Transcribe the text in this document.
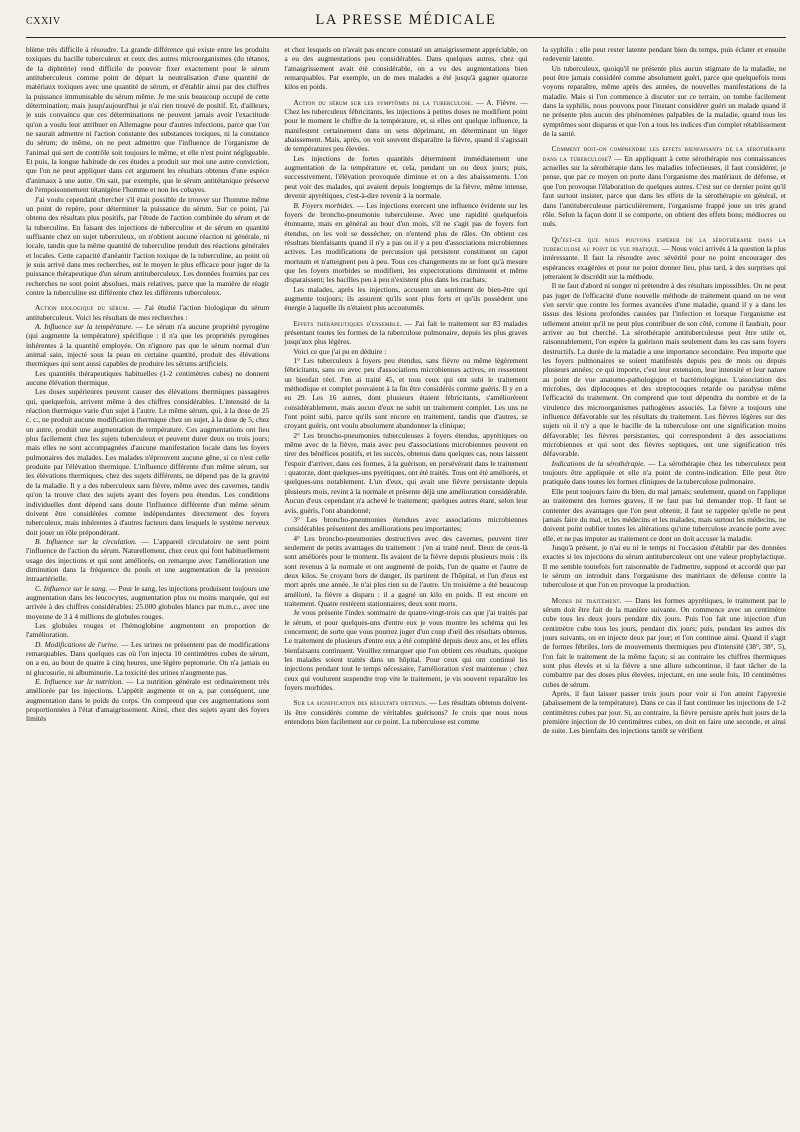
CXXIV	LA PRESSE MÉDICALE

blème très difficile à résoudre. La grande différence qui existe entre les produits toxiques du bacille tuberculeux et ceux des autres microorganismes (du tétanos, de la diphtérie) rend difficile de pouvoir fixer exactement pour le sérum antituberculeux comme point de départ la neutralisation d'une quantité de matériaux toxiques avec une quantité de sérum, et d'établir ainsi par des chiffres la puissance immunisable du sérum même. Je me suis beaucoup occupé de cette détermination; mais jusqu'aujourd'hui je n'ai rien trouvé de positif. Et, d'ailleurs, je suis convaincu que ces déterminations ne peuvent jamais avoir l'exactitude qu'on a voulu leur attribuer en Allemagne pour d'autres infections, parce que l'on ne saurait admettre ni l'action constante des substances toxiques, ni la constance du sérum; de même, on ne peut admettre que l'influence de l'organisme de l'animal qui sert de contrôle soit toujours le même, et elle n'est point négligeable. Et puis, la longue habitude de ces études a produit sur moi une autre conviction, que l'on ne peut appliquer dans cet argument les résultats obtenus d'une espèce d'animaux à une autre. On sait, par exemple, que le sérum antitétanique préserve de l'empoisonnement tétanigène l'homme et non les cobayes.

J'ai voulu cependant chercher s'il était possible de trouver sur l'homme même un point de repère, pour déterminer la puissance du sérum. Sur ce point, j'ai obtenu des résultats plus positifs, par l'étude de l'action combinée du sérum et de la tuberculine. En faisant des injections de tuberculine et de sérum en quantité suffisante chez un sujet tuberculeux, on n'obtient aucune réaction ni générale, ni locale, tandis que la même quantité de tuberculine produit des réactions générales et locales. Cette capacité d'anéantir l'action toxique de la tuberculine, au point où je suis arrivé dans mes recherches, est le moyen le plus efficace pour juger de la puissance thérapeutique d'un sérum antituberculeux. Les données fournies par ces recherches ne sont point absolues, mais relatives, parce que la manière de réagir contre la tuberculine est différente chez les différents tuberculeux.

Action biologique du sérum. — J'ai étudié l'action biologique du sérum antituberculeux. Voici les résultats de mes recherches :

A. Influence sur la température. — Le sérum n'a aucune propriété pyrogène (qui augmente la température) spécifique : il n'a que les propriétés pyrogènes inhérentes à la quantité employée. On n'ignore pas que le sérum normal d'un animal sain, injecté sous la peau en certaine quantité, produit des élévations thermiques qui sont aussi capables de produire les sérums artificiels.

Les quantités thérapeutiques habituelles (1-2 centimètres cubes) ne donnent aucune élévation thermique.

Les doses supérieures peuvent causer des élévations thermiques passagères qui, quelquefois, arrivent même à des chiffres considérables. L'intensité de la réaction thermique varie d'un sujet à l'autre. Le même sérum, qui, à la dose de 25 c. c., ne produit aucune modification thermique chez un sujet, à la dose de 5, chez un autre, produit une augmentation de température. Ces augmentations ont lieu plus facilement chez les sujets tuberculeux et peuvent durer deux ou trois jours; mais elles ne sont accompagnées d'aucune manifestation locale dans les foyers pulmonaires des malades. Les malades n'éprouvent aucune gêne, si ce n'est celle produite par l'élévation thermique. L'influence différente d'un même sérum, sur les élévations thermiques, chez des sujets différents, ne dépend pas de la gravité de la maladie. Il y a des tuberculeux sans fièvre, même avec des cavernes, tandis qu'on la trouve chez des sujets ayant des foyers peu étendus. Les conditions individuelles dont dépend sans doute l'influence différente d'un même sérum doivent être considérées comme indépendantes directement des foyers tuberculeux, mais inhérentes à d'autres facteurs dans lesquels le système nerveux doit jouer un rôle prépondérant.

B. Influence sur la circulation. — L'appareil circulatoire ne sent point l'influence de l'action du sérum. Naturellement, chez ceux qui font habituellement usage des injections et qui sont améliorés, on remarque avec l'amélioration une diminution dans la fréquence du pouls et une augmentation de la pression intraartérielle.

C. Influence sur le sang. — Pour le sang, les injections produisent toujours une augmentation dans les leucocytes, augmentation plus ou moins marquée, qui est arrivée à des chiffres considérables: 25.000 globules blancs par m.m.c., avec une moyenne de 3 à 4 millions de globules rouges.

Les globules rouges et l'hémoglobine augmentent en proportion de l'amélioration.

D. Modifications de l'urine. — Les urines ne présentent pas de modifications remarquables. Dans quelques cas où l'on injecta 10 centimètres cubes de sérum, on a eu, au bout de quatre à cinq heures, une légère peptonurie. On n'a jamais eu ni glucosurie, ni albuminurie. La toxicité des urines n'augmente pas.

E. Influence sur la nutrition. — La nutrition générale est ordinairement très améliorée par les injections. L'appétit augmente et on a, par conséquent, une augmentation dans le poids du corps. On comprend que ces augmentations sont proportionnées à l'état d'amaigrissement. Ainsi, chez des sujets ayant des foyers limités

et chez lesquels on n'avait pas encore constaté un amaigrissement appréciable, on a eu des augmentations peu considérables. Dans quelques autres, chez qui l'amaigrissement avait été considérable, on a vu des augmentations bien remarquables. Par exemple, un de mes malades a été jusqu'à gagner quatorze kilos en poids.

Action du sérum sur les symptômes de la tuberculose. — A. Fièvre. — Chez les tuberculeux fébricitants, les injections à petites doses ne modifient point pour le moment le chiffre de la température, et, si elles ont quelque influence, la manifestent certainement dans un sens déprimant, en déterminant un léger abaissement. Mais, après, on voit souvent disparaître la fièvre, quand il s'agissait de températures peu élevées.

Les injections de fortes quantités déterminent immédiatement une augmentation de la température et, cela, pendant un ou deux jours; puis, successivement, l'élévation provoquée diminue et on a des abaissements. L'on peut voir des malades, qui avaient depuis longtemps de la fièvre, même intense, devenir apyrétiques, c'est-à-dire revenir à la normale.

B. Foyers morbides. — Les injections exercent une influence évidente sur les foyers de broncho-pneumonie tuberculeuse. Avec une rapidité quelquefois étonnante, mais en général au bout d'un mois, s'il ne s'agit pas de foyers fort étendus, on les voit se dessécher, on n'entend plus de râles. On obtient ces résultats bienfaisants quand il n'y a pas ou il y a peu d'associations microbiennes actives. Les modifications de percussion qui persistent constituent un caput mortuum et n'atteignent peu à peu. Tous ces changements ne se font qu'à mesure que les foyers morbides se modifient, les expectorations diminuent et même disparaissent; les bacilles peu à peu n'existent plus dans les crachats.

Les malades, après les injections, accusent un sentiment de bien-être qui augmente toujours; ils assurent qu'ils sont plus forts et qu'ils possèdent une énergie à laquelle ils n'étaient plus accoutumés.

Effets thérapeutiques d'ensemble. — J'ai fait le traitement sur 83 malades présentant toutes les formes de la tuberculose pulmonaire, depuis les plus graves jusqu'aux plus légères.

Voici ce que j'ai pu en déduire :

1° Les tuberculeux à foyers peu étendus, sans fièvre ou même légèrement fébricitants, sans ou avec peu d'associations microbiennes actives, en ressentent un bienfait réel. J'en ai traité 45, et tous ceux qui ont subi le traitement méthodique et complet pouvaient à la fin être considérés comme guéris. Il y en a eu 29. Les 16 autres, dont plusieurs étaient fébricitants, s'améliorèrent considérablement, mais aucun d'eux ne subit un traitement complet. Les uns ne l'ont point subi, parce qu'ils sont encore en traitement, tandis que d'autres, se croyant guéris, ont voulu absolument abandonner la clinique;

2° Les broncho-pneumonies tuberculeuses à foyers étendus, apyrétiques ou même avec de la fièvre, mais avec peu d'associations microbiennes peuvent en tirer des bénéfices positifs, et les succès, obtenus dans quelques cas, nous laissent l'espoir d'arriver, dans ces formes, à la guérison, en persévérant dans le traitement : quatorze, dont quelques-uns pyrétiques, ont été traités. Tous ont été améliorés, et quelques-uns notablement. L'un d'eux, qui avait une fièvre persistante depuis plusieurs mois, revint à la normale et présente déjà une amélioration considérable. Aucun d'eux cependant n'a achevé le traitement; quelques autres étant, selon leur avis, guéris, l'ont abandonné;

3° Les broncho-pneumonies étendues avec associations microbiennes considérables présentent des améliorations peu importantes;

4° Les broncho-pneumonies destructives avec des cavernes, peuvent tirer seulement de petits avantages du traitement : j'en ai traité neuf. Deux de ceux-là sont améliorés pour le moment. Ils avaient de la fièvre depuis plusieurs mois : ils sont revenus à la normale et ont augmenté de poids, l'un de quatre et l'autre de deux kilos. Se croyant hors de danger, ils partirent de l'hôpital, et l'un d'eux est mort après une année. Je n'ai plus rien su de l'autre. Un troisième a été beaucoup amélioré, la fièvre a disparu : il a gagné un kilo en poids. Il est encore en traitement. Quatre restèrent stationnaires, deux sont morts.

Je vous présente l'index sommaire de quatre-vingt-trois cas que j'ai traités par le sérum, et pour quelques-uns d'entre eux je vous montre les schéma qui les concernent; de sorte que vous pourrez juger d'un coup d'œil des résultats obtenus. Le traitement de plusieurs d'entre eux a été complété depuis deux ans, et les effets bienfaisants continuent. Veuillez remarquer que l'on obtient ces résultats, quoique les malades soient traités dans un hôpital. Pour ceux qui ont continué les injections pendant tout le temps nécessaire, l'amélioration s'est maintenue ; chez ceux qui voulurent suspendre trop vite le traitement, je vis souvent reparaître les foyers morbides.

Sur la signification des résultats obtenus. — Les résultats obtenus doivent-ils être considérés comme de véritables guérisons? Je crois que nous nous entendons bien facilement sur ce point. La tuberculose est comme

la syphilis : elle peut rester latente pendant bien du temps, puis éclater et ensuite redevenir latente.

Un tuberculeux, quoiqu'il ne présente plus aucun stigmate de la maladie, ne peut être jamais considéré comme absolument guéri, parce que quelquefois nous voyons reparaître, même après des années, de nouvelles manifestations de la maladie. Mais si l'on commence à discuter sur ce terrain, on tombe facilement dans la syphilis, nous pouvons pour l'instant considérer guéri un malade quand il ne présente plus aucun des phénomènes palpables de la maladie, quand tous les symptômes sont disparus et que l'on a tous les indices d'un complet rétablissement de la santé.

Comment doit-on comprendre les effets bienfaisants de la sérothérapie dans la tuberculose? — En appliquant à cette sérothérapie nos connaissances actuelles sur la sérothérapie dans les maladies infectieuses, il faut considérer, je pense, que par ce moyen on porte dans l'organisme des matériaux de défense, et que l'on provoque l'élaboration de quelques autres. C'est sur ce dernier point qu'il faut surtout insister, parce que dans les effets de la sérothérapie en général, et dans l'antituberculeuse particulièrement, l'organisme frappé joue un très grand rôle. Selon la façon dont il se comporte, on obtient des effets bons; médiocres ou nuls.

Qu'est-ce que nous pouvons espérer de la sérothérapie dans la tuberculose au point de vue pratique. — Nous voici arrivés à la question la plus intéressante. Il faut la résoudre avec sévérité pour ne point encourager des espérances exagérées et pour ne point donner lieu, plus tard, à des surprises qui jetteraient le discrédit sur la méthode.

Il ne faut d'abord ni songer ni prétendre à des résultats impossibles. On ne peut pas juger de l'efficacité d'une nouvelle méthode de traitement quand on ne veut s'en servir que contre les formes avancées d'une maladie, quand il y a dans les tissus des lésions profondes causées par l'infection et lorsque l'organisme est tellement atteint qu'il ne peut plus contribuer de son côté, comme il faudrait, pour arriver au but cherché. La sérothérapie antituberculeuse peut être utile et, raisonnablement, l'on espère la guérison mais seulement dans les cas sans foyers destructifs. La durée de la maladie a une importance secondaire. Peu importe que les foyers pulmonaires se soient manifestés depuis peu de mois ou depuis plusieurs années; ce qui importe, c'est leur extension, leur intensité et leur nature au point de vue anatomo-pathologique et bactériologique. L'association des microbes, des diplocoques et des streptocoques retarde ou paralyse même l'efficacité du traitement. On comprend que tout dépendra du nombre et de la virulence des microorganismes pathogènes associés. La fièvre a toujours une influence défavorable sur les résultats du traitement. Les fièvres légères sur des sujets où il n'y a que le bacille de la tuberculose ont une signification moins défavorable; les fièvres persistantes, qui correspondent à des associations microbiennes et qui sont des fièvres septiques, ont une signification très défavorable.

Indications de la sérothérapie. — La sérothérapie chez les tuberculeux peut toujours être appliquée et elle n'a point de contre-indication. Elle peut être pratiquée dans toutes les formes cliniques de la tuberculose pulmonaire.

Elle peut toujours faire du bien, du mal jamais; seulement, quand on l'applique au traitement des formes graves, il ne faut pas lui demander trop. Il faut se contenter des avantages que l'on peut obtenir, il faut se rappeler qu'elle ne peut jamais faire du mal, et les médecins et les malades, mais surtout les médecins, ne doivent point oublier toutes les altérations qu'une tuberculose avancée porte avec elle, et ne pas imputer au traitement ce dont on doit accuser la maladie.

Jusqu'à présent, je n'ai eu ni le temps ni l'occasion d'établir par des données exactes si les injections du sérum antituberculeux ont une valeur prophylactique. Il me semble toutefois fort raisonnable de l'admettre, supposé et accordé que par le sérum on introduit dans l'organisme des matériaux de défense contre la tuberculose et que l'on en provoque la production.

Modes de traitement. — Dans les formes apyrétiques, le traitement par le sérum doit être fait de la manière suivante. On commence avec un centimètre cube tous les deux jours pendant dix jours. Puis l'on fait une injection d'un centimètre cube tous les jours, pendant dix jours; puis, pendant les autres dix jours suivants, on en injecte deux par jour; et l'on continue ainsi. Quand il s'agit de formes fébriles, lors de mouvements thermiques peu d'intensité (38°, 38°, 5), l'on fait le traitement de la même façon; si au contraire les chiffres thermiques sont plus élevés et si la fièvre a une allure subcontinue, il faut tâcher de la combattre par des doses plus élevées, injectant, en une seule fois, 10 centimètres cubes de sérum.

Après, il faut laisser passer trois jours pour voir si l'on atteint l'apyrexie (abaissement de la température). Dans ce cas il faut continuer les injections de 1-2 centimètres cubes par jour. Si, au contraire, la fièvre persiste après huit jours de la première injection de 10 centimètres cubes, on doit en faire une seconde, et ainsi de suite. Les bienfaits des injections tantôt se vérifient
